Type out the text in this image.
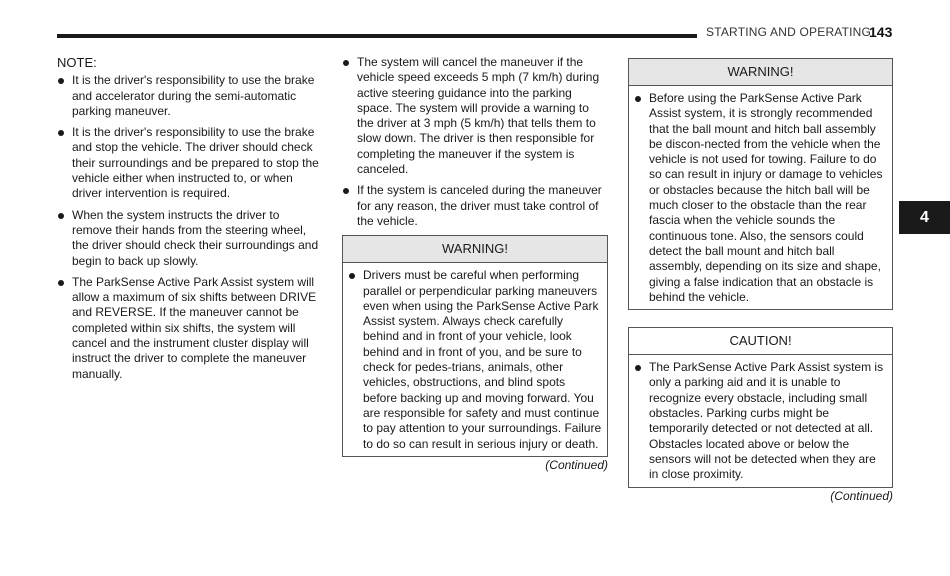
STARTING AND OPERATING
143
4
NOTE:
It is the driver's responsibility to use the brake and accelerator during the semi-automatic parking maneuver.
It is the driver's responsibility to use the brake and stop the vehicle. The driver should check their surroundings and be prepared to stop the vehicle either when instructed to, or when driver intervention is required.
When the system instructs the driver to remove their hands from the steering wheel, the driver should check their surroundings and begin to back up slowly.
The ParkSense Active Park Assist system will allow a maximum of six shifts between DRIVE and REVERSE. If the maneuver cannot be completed within six shifts, the system will cancel and the instrument cluster display will instruct the driver to complete the maneuver manually.
The system will cancel the maneuver if the vehicle speed exceeds 5 mph (7 km/h) during active steering guidance into the parking space. The system will provide a warning to the driver at 3 mph (5 km/h) that tells them to slow down. The driver is then responsible for completing the maneuver if the system is canceled.
If the system is canceled during the maneuver for any reason, the driver must take control of the vehicle.
WARNING!
Drivers must be careful when performing parallel or perpendicular parking maneuvers even when using the ParkSense Active Park Assist system. Always check carefully behind and in front of your vehicle, look behind and in front of you, and be sure to check for pedes-trians, animals, other vehicles, obstructions, and blind spots before backing up and moving forward. You are responsible for safety and must continue to pay attention to your surroundings. Failure to do so can result in serious injury or death.
(Continued)
WARNING!
Before using the ParkSense Active Park Assist system, it is strongly recommended that the ball mount and hitch ball assembly be discon-nected from the vehicle when the vehicle is not used for towing. Failure to do so can result in injury or damage to vehicles or obstacles because the hitch ball will be much closer to the obstacle than the rear fascia when the vehicle sounds the continuous tone. Also, the sensors could detect the ball mount and hitch ball assembly, depending on its size and shape, giving a false indication that an obstacle is behind the vehicle.
CAUTION!
The ParkSense Active Park Assist system is only a parking aid and it is unable to recognize every obstacle, including small obstacles. Parking curbs might be temporarily detected or not detected at all. Obstacles located above or below the sensors will not be detected when they are in close proximity.
(Continued)
